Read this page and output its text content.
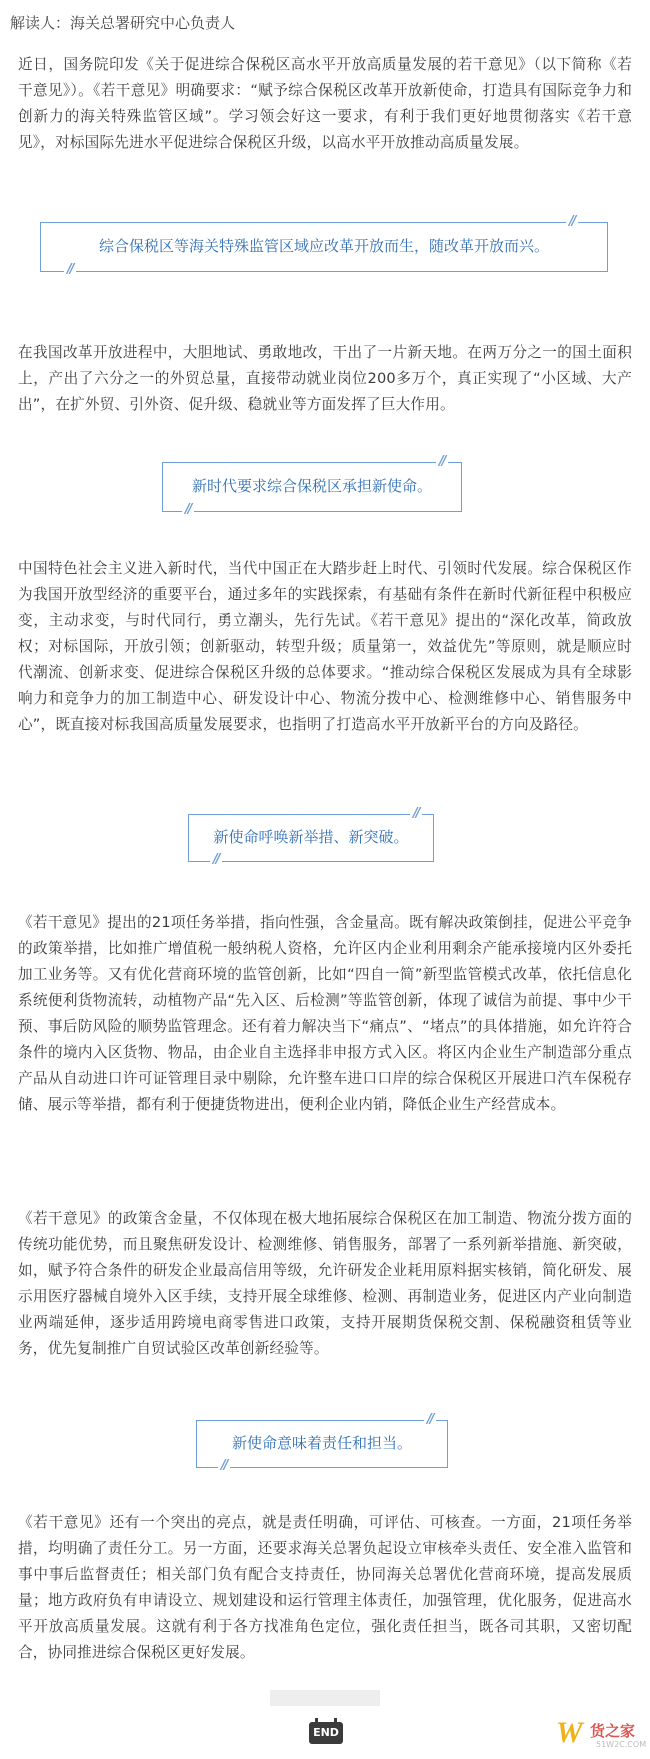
解读人：海关总署研究中心负责人
近日，国务院印发《关于促进综合保税区高水平开放高质量发展的若干意见》（以下简称《若干意见》）。《若干意见》明确要求：“赋予综合保税区改革开放新使命，打造具有国际竞争力和创新力的海关特殊监管区域”。学习领会好这一要求，有利于我们更好地贯彻落实《若干意见》，对标国际先进水平促进综合保税区升级，以高水平开放推动高质量发展。
综合保税区等海关特殊监管区域应改革开放而生，随改革开放而兴。
//
//
在我国改革开放进程中，大胆地试、勇敢地改，干出了一片新天地。在两万分之一的国土面积上，产出了六分之一的外贸总量，直接带动就业岗位200多万个，真正实现了“小区域、大产出”，在扩外贸、引外资、促升级、稳就业等方面发挥了巨大作用。
新时代要求综合保税区承担新使命。
//
//
中国特色社会主义进入新时代，当代中国正在大踏步赶上时代、引领时代发展。综合保税区作为我国开放型经济的重要平台，通过多年的实践探索，有基础有条件在新时代新征程中积极应变，主动求变，与时代同行，勇立潮头，先行先试。《若干意见》提出的“深化改革，简政放权；对标国际，开放引领；创新驱动，转型升级；质量第一，效益优先”等原则，就是顺应时代潮流、创新求变、促进综合保税区升级的总体要求。“推动综合保税区发展成为具有全球影响力和竞争力的加工制造中心、研发设计中心、物流分拨中心、检测维修中心、销售服务中心”，既直接对标我国高质量发展要求，也指明了打造高水平开放新平台的方向及路径。
新使命呼唤新举措、新突破。
//
//
《若干意见》提出的21项任务举措，指向性强，含金量高。既有解决政策倒挂，促进公平竞争的政策举措，比如推广增值税一般纳税人资格，允许区内企业利用剩余产能承接境内区外委托加工业务等。又有优化营商环境的监管创新，比如“四自一简”新型监管模式改革，依托信息化系统便利货物流转，动植物产品“先入区、后检测”等监管创新，体现了诚信为前提、事中少干预、事后防风险的顺势监管理念。还有着力解决当下“痛点”、“堵点”的具体措施，如允许符合条件的境内入区货物、物品，由企业自主选择非申报方式入区。将区内企业生产制造部分重点产品从自动进口许可证管理目录中剔除，允许整车进口口岸的综合保税区开展进口汽车保税存储、展示等举措，都有利于便捷货物进出，便利企业内销，降低企业生产经营成本。
《若干意见》的政策含金量，不仅体现在极大地拓展综合保税区在加工制造、物流分拨方面的传统功能优势，而且聚焦研发设计、检测维修、销售服务，部署了一系列新举措施、新突破，如，赋予符合条件的研发企业最高信用等级，允许研发企业耗用原料据实核销，简化研发、展示用医疗器械自境外入区手续，支持开展全球维修、检测、再制造业务，促进区内产业向制造业两端延伸，逐步适用跨境电商零售进口政策，支持开展期货保税交割、保税融资租赁等业务，优先复制推广自贸试验区改革创新经验等。
新使命意味着责任和担当。
//
//
《若干意见》还有一个突出的亮点，就是责任明确，可评估、可核查。一方面，21项任务举措，均明确了责任分工。另一方面，还要求海关总署负起设立审核牵头责任、安全准入监管和事中事后监督责任；相关部门负有配合支持责任，协同海关总署优化营商环境，提高发展质量；地方政府负有申请设立、规划建设和运行管理主体责任，加强管理，优化服务，促进高水平开放高质量发展。这就有利于各方找准角色定位，强化责任担当，既各司其职，又密切配合，协同推进综合保税区更好发展。
END	W 货之家
51W2C.COM
